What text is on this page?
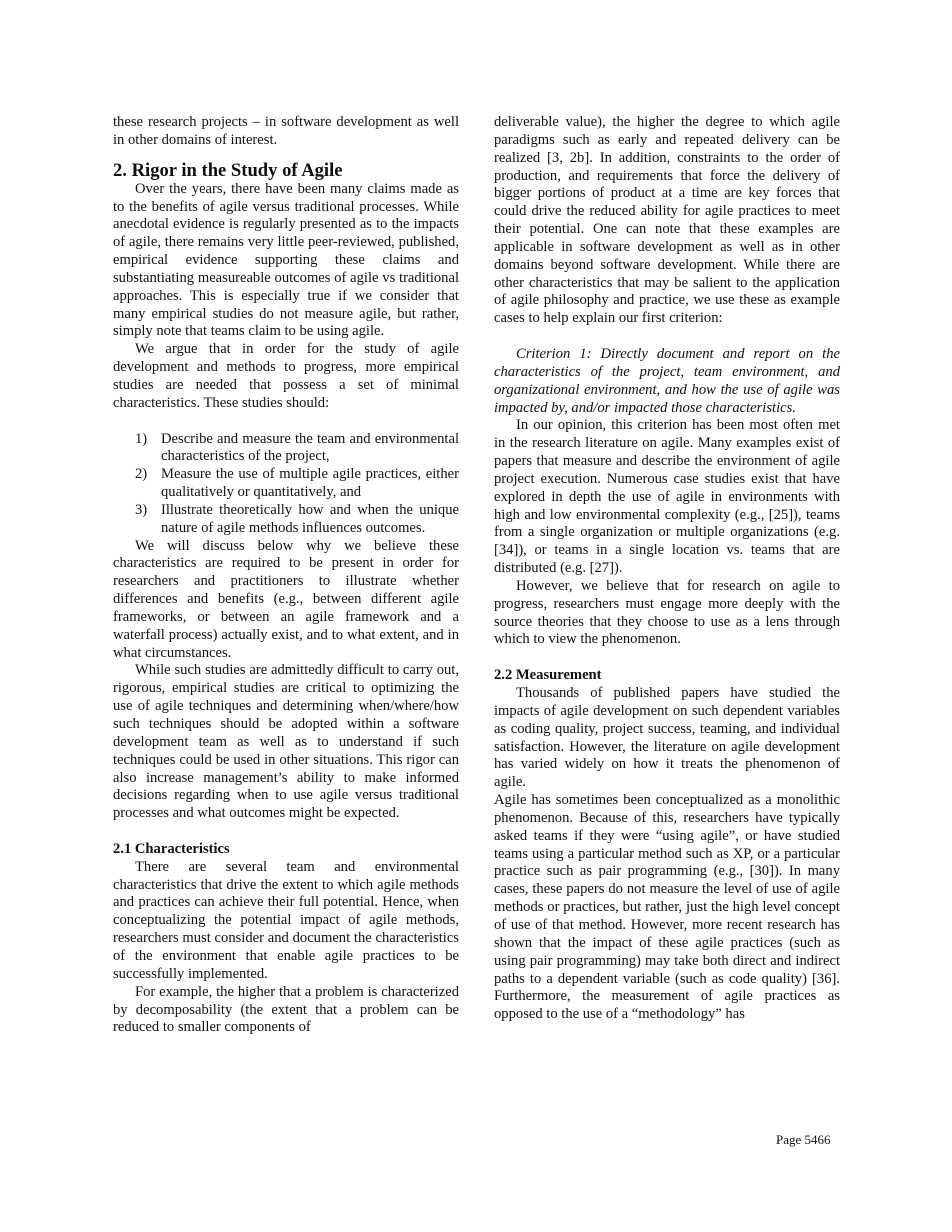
these research projects – in software development as well in other domains of interest.

2. Rigor in the Study of Agile

Over the years, there have been many claims made as to the benefits of agile versus traditional processes. While anecdotal evidence is regularly presented as to the impacts of agile, there remains very little peer-reviewed, published, empirical evidence supporting these claims and substantiating measureable outcomes of agile vs traditional approaches. This is especially true if we consider that many empirical studies do not measure agile, but rather, simply note that teams claim to be using agile.

We argue that in order for the study of agile development and methods to progress, more empirical studies are needed that possess a set of minimal characteristics. These studies should:

1) Describe and measure the team and environmental characteristics of the project,
2) Measure the use of multiple agile practices, either qualitatively or quantitatively, and
3) Illustrate theoretically how and when the unique nature of agile methods influences outcomes.

We will discuss below why we believe these characteristics are required to be present in order for researchers and practitioners to illustrate whether differences and benefits (e.g., between different agile frameworks, or between an agile framework and a waterfall process) actually exist, and to what extent, and in what circumstances.

While such studies are admittedly difficult to carry out, rigorous, empirical studies are critical to optimizing the use of agile techniques and determining when/where/how such techniques should be adopted within a software development team as well as to understand if such techniques could be used in other situations. This rigor can also increase management’s ability to make informed decisions regarding when to use agile versus traditional processes and what outcomes might be expected.

2.1 Characteristics

There are several team and environmental characteristics that drive the extent to which agile methods and practices can achieve their full potential. Hence, when conceptualizing the potential impact of agile methods, researchers must consider and document the characteristics of the environment that enable agile practices to be successfully implemented.

For example, the higher that a problem is characterized by decomposability (the extent that a problem can be reduced to smaller components of

deliverable value), the higher the degree to which agile paradigms such as early and repeated delivery can be realized [3, 2b]. In addition, constraints to the order of production, and requirements that force the delivery of bigger portions of product at a time are key forces that could drive the reduced ability for agile practices to meet their potential. One can note that these examples are applicable in software development as well as in other domains beyond software development. While there are other characteristics that may be salient to the application of agile philosophy and practice, we use these as example cases to help explain our first criterion:

Criterion 1: Directly document and report on the characteristics of the project, team environment, and organizational environment, and how the use of agile was impacted by, and/or impacted those characteristics.

In our opinion, this criterion has been most often met in the research literature on agile. Many examples exist of papers that measure and describe the environment of agile project execution. Numerous case studies exist that have explored in depth the use of agile in environments with high and low environmental complexity (e.g., [25]), teams from a single organization or multiple organizations (e.g. [34]), or teams in a single location vs. teams that are distributed (e.g. [27]).

However, we believe that for research on agile to progress, researchers must engage more deeply with the source theories that they choose to use as a lens through which to view the phenomenon.

2.2 Measurement

Thousands of published papers have studied the impacts of agile development on such dependent variables as coding quality, project success, teaming, and individual satisfaction. However, the literature on agile development has varied widely on how it treats the phenomenon of agile.

Agile has sometimes been conceptualized as a monolithic phenomenon. Because of this, researchers have typically asked teams if they were “using agile”, or have studied teams using a particular method such as XP, or a particular practice such as pair programming (e.g., [30]). In many cases, these papers do not measure the level of use of agile methods or practices, but rather, just the high level concept of use of that method. However, more recent research has shown that the impact of these agile practices (such as using pair programming) may take both direct and indirect paths to a dependent variable (such as code quality) [36]. Furthermore, the measurement of agile practices as opposed to the use of a “methodology” has

Page 5466
